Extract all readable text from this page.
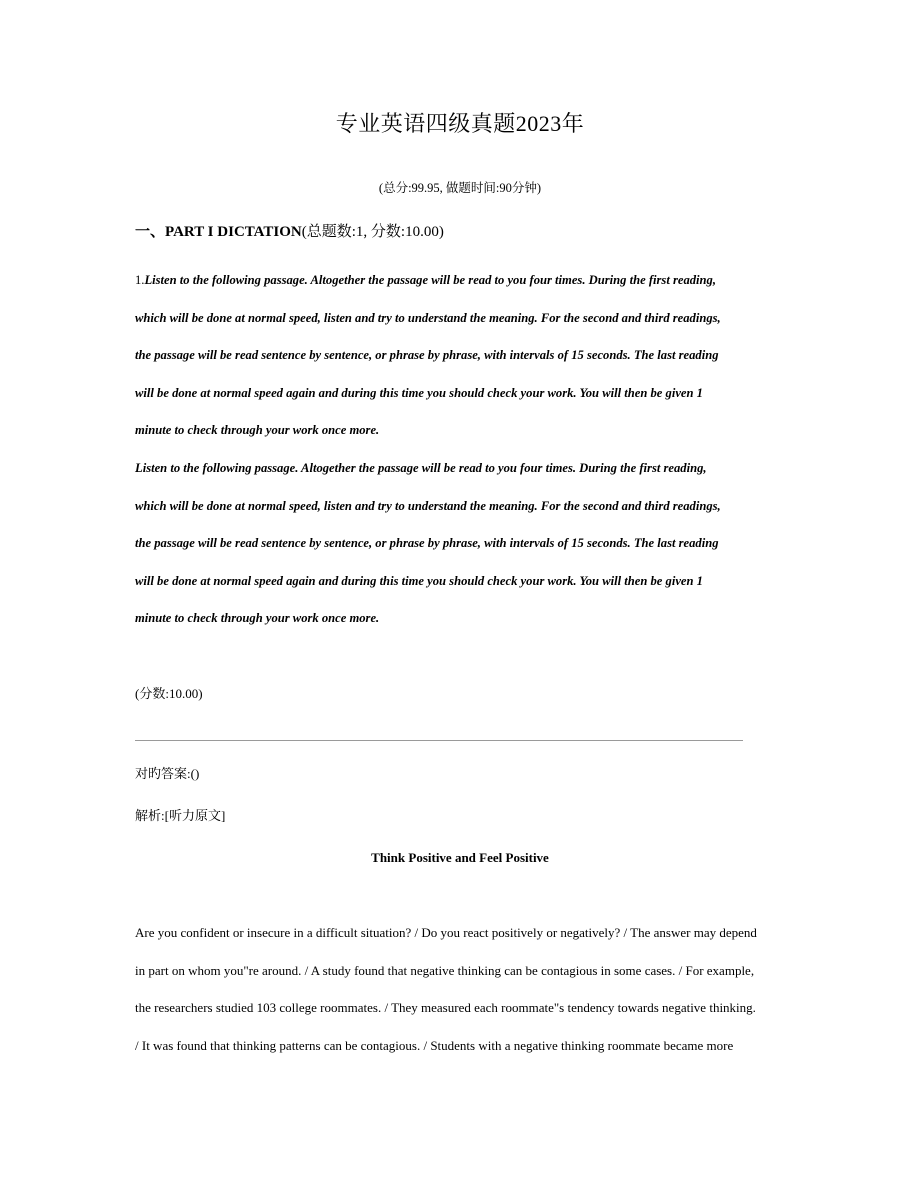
专业英语四级真题2023年
(总分:99.95, 做题时间:90分钟)
一、PART I DICTATION(总题数:1, 分数:10.00)
1.Listen to the following passage. Altogether the passage will be read to you four times. During the first reading,
which will be done at normal speed, listen and try to understand the meaning. For the second and third readings,
the passage will be read sentence by sentence, or phrase by phrase, with intervals of 15 seconds. The last reading
will be done at normal speed again and during this time you should check your work. You will then be given 1
minute to check through your work once more.
Listen to the following passage. Altogether the passage will be read to you four times. During the first reading,
which will be done at normal speed, listen and try to understand the meaning. For the second and third readings,
the passage will be read sentence by sentence, or phrase by phrase, with intervals of 15 seconds. The last reading
will be done at normal speed again and during this time you should check your work. You will then be given 1
minute to check through your work once more.
(分数:10.00)
对旳答案:()
解析:[听力原文]
Think Positive and Feel Positive
Are you confident or insecure in a difficult situation? / Do you react positively or negatively? / The answer may depend
in part on whom you"re around. / A study found that negative thinking can be contagious in some cases. / For example,
the researchers studied 103 college roommates. / They measured each roommate"s tendency towards negative thinking.
/ It was found that thinking patterns can be contagious. / Students with a negative thinking roommate became more
